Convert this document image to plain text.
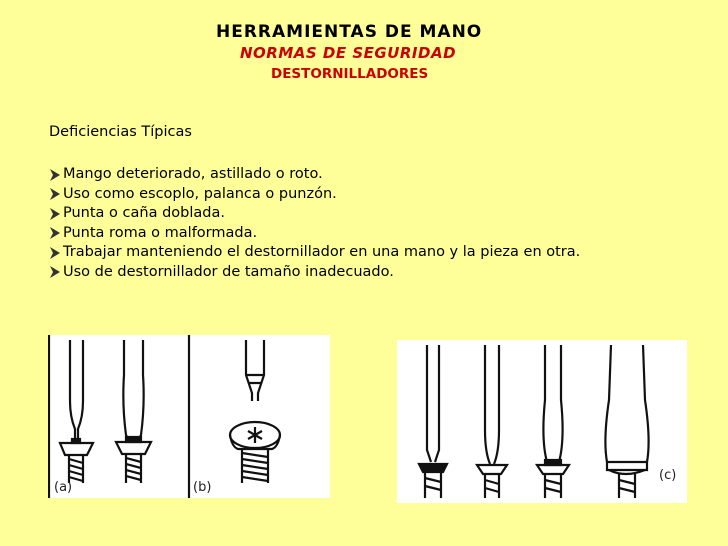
HERRAMIENTAS DE MANO
NORMAS DE SEGURIDAD
DESTORNILLADORES
Deficiencias Típicas
Mango deteriorado, astillado o roto.
Uso como escoplo, palanca o punzón.
Punta o caña doblada.
Punta roma o malformada.
Trabajar manteniendo el destornillador en una mano y la pieza en otra.
Uso de destornillador de tamaño inadecuado.
(a)	(b)
(c)
